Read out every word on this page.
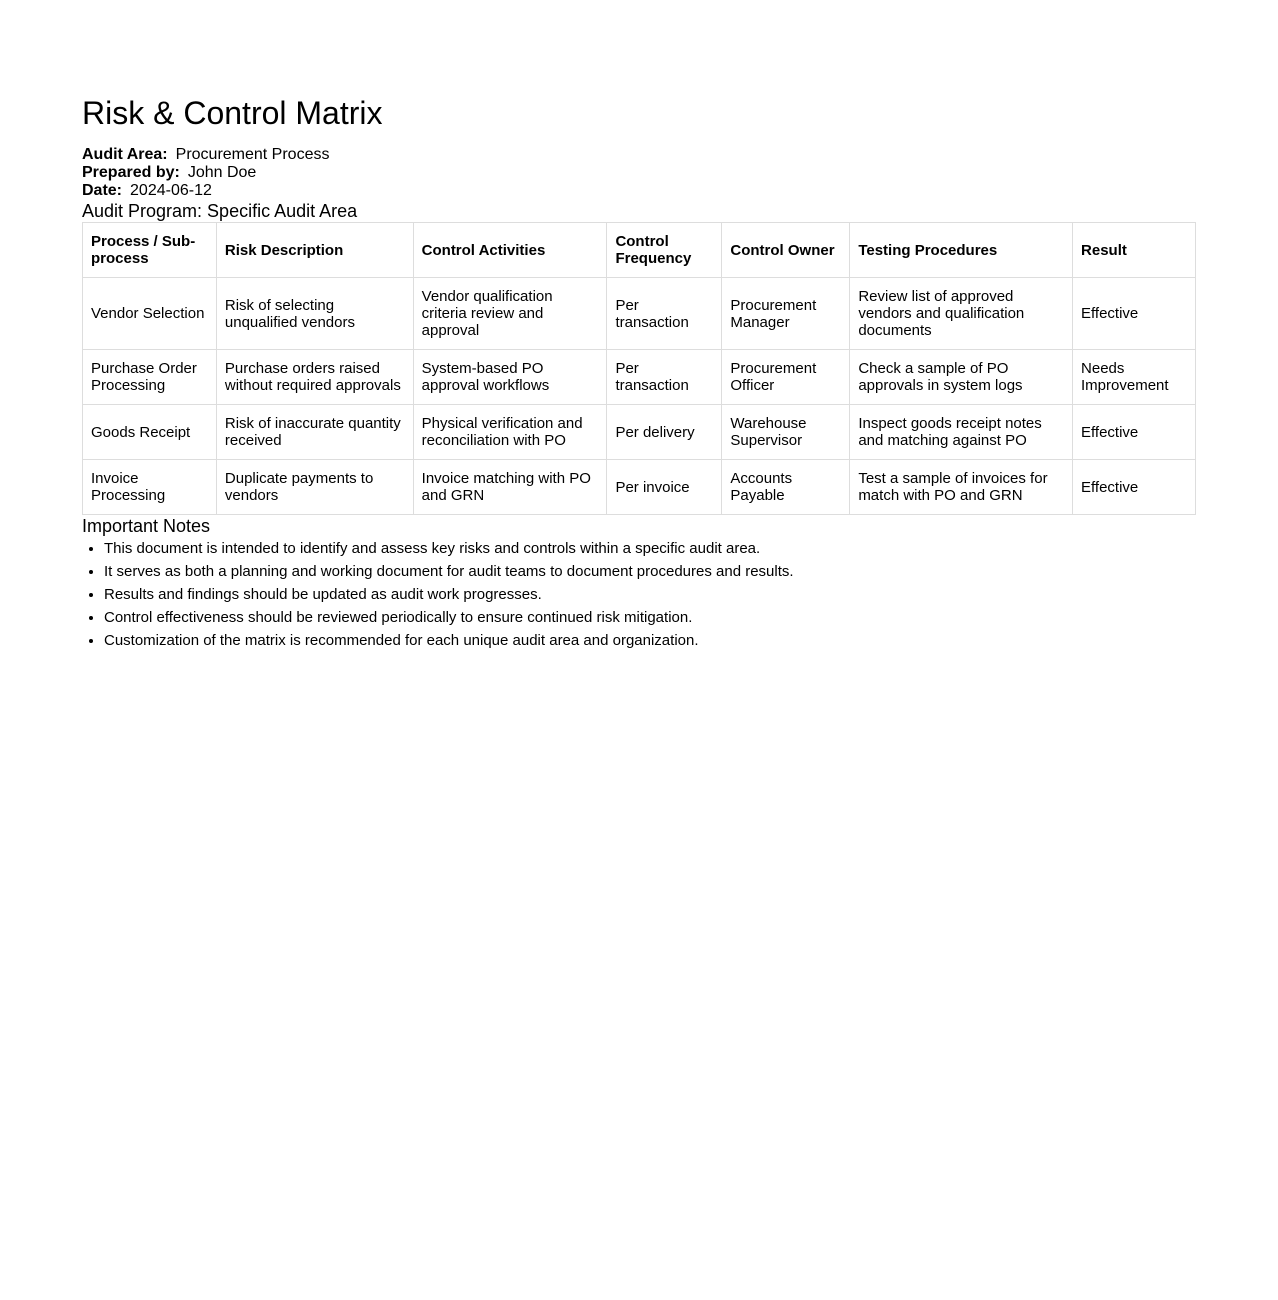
Risk & Control Matrix

Audit Area: Procurement Process

Prepared by: John Doe

Date: 2024-06-12

Audit Program: Specific Audit Area
Process / Sub-process	Risk Description	Control Activities	Control Frequency	Control Owner	Testing Procedures	Result
Vendor Selection	Risk of selecting unqualified vendors	Vendor qualification criteria review and approval	Per transaction	Procurement Manager	Review list of approved vendors and qualification documents	Effective
Purchase Order Processing	Purchase orders raised without required approvals	System-based PO approval workflows	Per transaction	Procurement Officer	Check a sample of PO approvals in system logs	Needs Improvement
Goods Receipt	Risk of inaccurate quantity received	Physical verification and reconciliation with PO	Per delivery	Warehouse Supervisor	Inspect goods receipt notes and matching against PO	Effective
Invoice Processing	Duplicate payments to vendors	Invoice matching with PO and GRN	Per invoice	Accounts Payable	Test a sample of invoices for match with PO and GRN	Effective
Important Notes
• This document is intended to identify and assess key risks and controls within a specific audit area.
• It serves as both a planning and working document for audit teams to document procedures and results.
• Results and findings should be updated as audit work progresses.
• Control effectiveness should be reviewed periodically to ensure continued risk mitigation.
• Customization of the matrix is recommended for each unique audit area and organization.
